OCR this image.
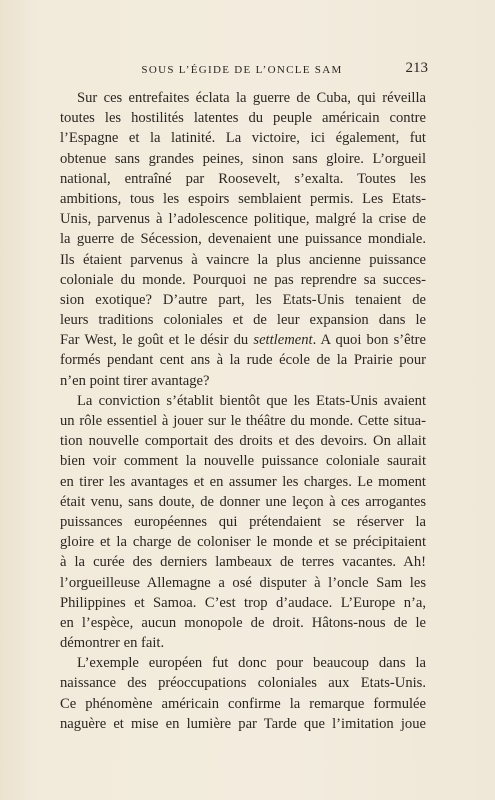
SOUS L’ÉGIDE DE L’ONCLE SAM	213
Sur ces entrefaites éclata la guerre de Cuba, qui réveilla
toutes les hostilités latentes du peuple américain contre
l’Espagne et la latinité. La victoire, ici également, fut
obtenue sans grandes peines, sinon sans gloire. L’orgueil
national, entraîné par Roosevelt, s’exalta. Toutes les
ambitions, tous les espoirs semblaient permis. Les Etats-
Unis, parvenus à l’adolescence politique, malgré la crise de
la guerre de Sécession, devenaient une puissance mondiale.
Ils étaient parvenus à vaincre la plus ancienne puissance
coloniale du monde. Pourquoi ne pas reprendre sa succes-
sion exotique? D’autre part, les Etats-Unis tenaient de
leurs traditions coloniales et de leur expansion dans le
Far West, le goût et le désir du settlement. A quoi bon s’être
formés pendant cent ans à la rude école de la Prairie pour
n’en point tirer avantage?
La conviction s’établit bientôt que les Etats-Unis avaient
un rôle essentiel à jouer sur le théâtre du monde. Cette situa-
tion nouvelle comportait des droits et des devoirs. On allait
bien voir comment la nouvelle puissance coloniale saurait
en tirer les avantages et en assumer les charges. Le moment
était venu, sans doute, de donner une leçon à ces arrogantes
puissances européennes qui prétendaient se réserver la
gloire et la charge de coloniser le monde et se précipitaient
à la curée des derniers lambeaux de terres vacantes. Ah!
l’orgueilleuse Allemagne a osé disputer à l’oncle Sam les
Philippines et Samoa. C’est trop d’audace. L’Europe n’a,
en l’espèce, aucun monopole de droit. Hâtons-nous de le
démontrer en fait.
L’exemple européen fut donc pour beaucoup dans la
naissance des préoccupations coloniales aux Etats-Unis.
Ce phénomène américain confirme la remarque formulée
naguère et mise en lumière par Tarde que l’imitation joue
